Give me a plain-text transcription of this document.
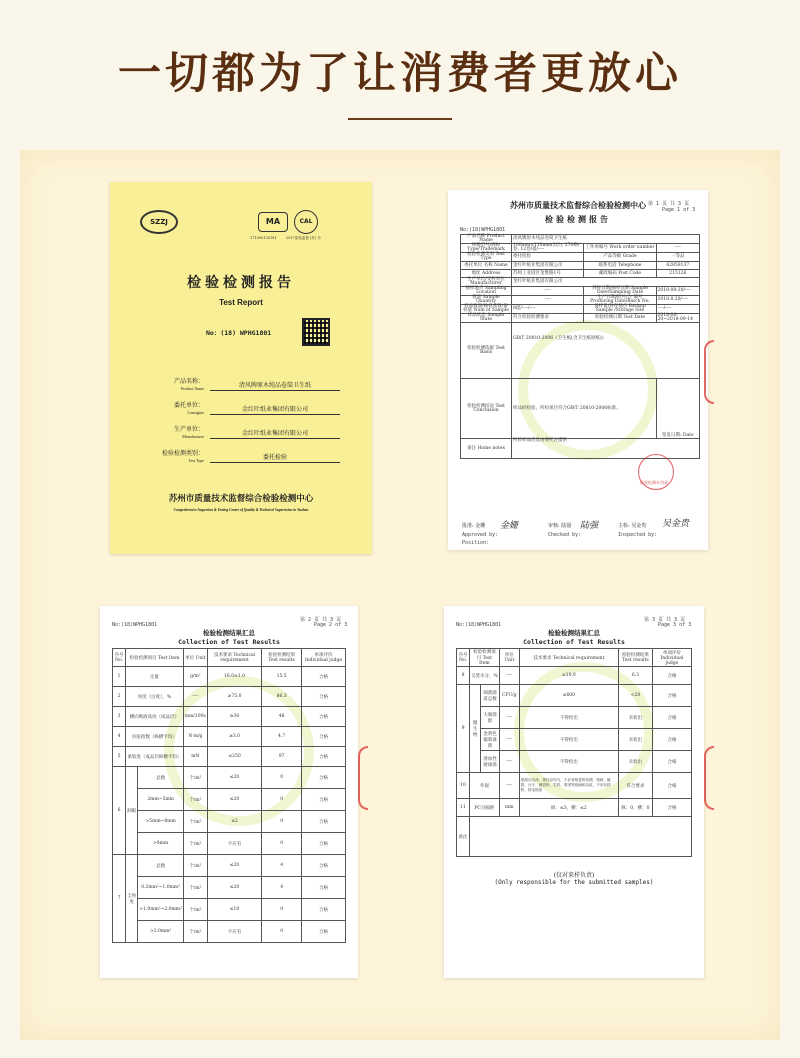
一切都为了让消费者更放心
SZZJ	MA	CAL
171000130181	2017质检监督 (苏) 号
检验检测报告
Test Report
No：(18) WPHG1801
产品名称：
Product Name	清风牌原木纯品卷筒卫生纸
委托单位：
Consigner	金红叶纸业集团有限公司
生产单位：
Manufacturer	金红叶纸业集团有限公司
检验检测类别：
Test Type	委托检验
苏州市质量技术监督综合检验检测中心
Comprehensive Inspection & Testing Center of Quality & Technical Supervision in Suzhou
苏州市质量技术监督综合检验检测中心
检验检测报告
第 1 页 共 3 页
Page 1 of 3
No:(18)WPHG1801
产品名称 Product Name	清风牌原木纯品卷筒卫生纸		
规格型号/商标 Type/Trademark	100mm×110mm(3层), 270格/卷, 12卷/提/----	工作单编号 Work order number	----
检验检测类别 Test Type	委托检验	产品等级 Grade	一等品
委托单位 名称 Name	金红叶纸业集团有限公司	联系电话 Telephone	62859137
地址 Address	苏州工业园区金胜路1号	邮政编码 Post Code	215126
生产单位/受检单位 Manufacturer	金红叶纸业集团有限公司		
抽样地点 Sampling Location	----	到样日期/抽样日期 Sample Date/Sampling Date	2018-08-20/----
数量 Sample Quantity	----	生产日期/批号/台 编号 Producing Date/Batch No.	2018.8.20/----
样品数量/抽样基数/备样量 Num of Sample	8提/----/----	备样量/封存地点 Backup Sample /Storage Site	----/----
样品状态 Sample State	符合检验检测要求	检验检测日期 Test Date	2018-08-20~2018-09-14
检验检测依据 Test Basis	GB/T 20810-2006《卫生纸(含卫生纸原纸)》		
检验检测结论 Test Conclusion	样品经检验，所检项目符合GB/T 20810-2006标准。		签发日期: Date
备注 Home notes	所检样品信息由委托方提供		
检验检测专用章
批准: 金姗 金姗	审核: 陆强 陆强	主检: 吴金贵 吴金贵
Approved by:	Checked by:	Inspected by:
Position:
第 2 页 共 3 页
No:(18)WPHG1801	Page 2 of 3
检验检测结果汇总
Collection of Test Results
序号 No.	检验检测项目 Test Item		单位 Unit	技术要求 Technical requirement	检验检测结果 Test results	单项评价 Individual judge
1	定量		g/m²	16.0±1.0	15.5	合格
2	亮度（白度），%		----	≥75.0	86.3	合格
3	横向吸液高度（成品层）		mm/100s	≥30	48	合格
4	抗张指数（纵横平均）		N·m/g	≥3.0	4.7	合格
5	柔软度（成品层纵横平均）		mN	≤250	97	合格
6	洞眼	总数	个/m²	≤20	0	合格
		2mm~5mm	个/m²	≤20	0	合格
		>5mm~8mm	个/m²	≤2	0	合格
		>8mm	个/m²	不应有	0	合格
7	尘埃度	总数	个/m²	≤20	4	合格
		0.2mm²~1.0mm²	个/m²	≤20	4	合格
		>1.0mm²~2.0mm²	个/m²	≤10	0	合格
		>2.0mm²	个/m²	不应有	0	合格
第 3 页 共 3 页
No:(18)WPHG1801	Page 3 of 3
检验检测结果汇总
Collection of Test Results
序号 No.	检验检测项目 Test Item		单位 Unit	技术要求 Technical requirement	检验检测结果 Test results	单项评价 Individual judge
8	交货水分，%		----	≤10.0	6.3	合格
9	微生物	细菌菌落总数	CFU/g	≤600	<20	合格
		大肠菌群	----	不得检出	未检出	合格
		金黄色葡萄球菌	----	不得检出	未检出	合格
		溶血性链球菌	----	不得检出	未检出	合格
10	外观		----	纸面应洁净，皱纹应均匀，不应有明显的死褶、残缺、破损、沙子、硬质块、生料、浆团等纸病和杂质，不应有掉粉、掉毛现象	符合要求	合格
11	PC分隔距		mm	纵：≤3，横：≤2	纵：0，横：0	合格
备注						
(仅对来样负责)
(Only responsible for the submitted samples)
